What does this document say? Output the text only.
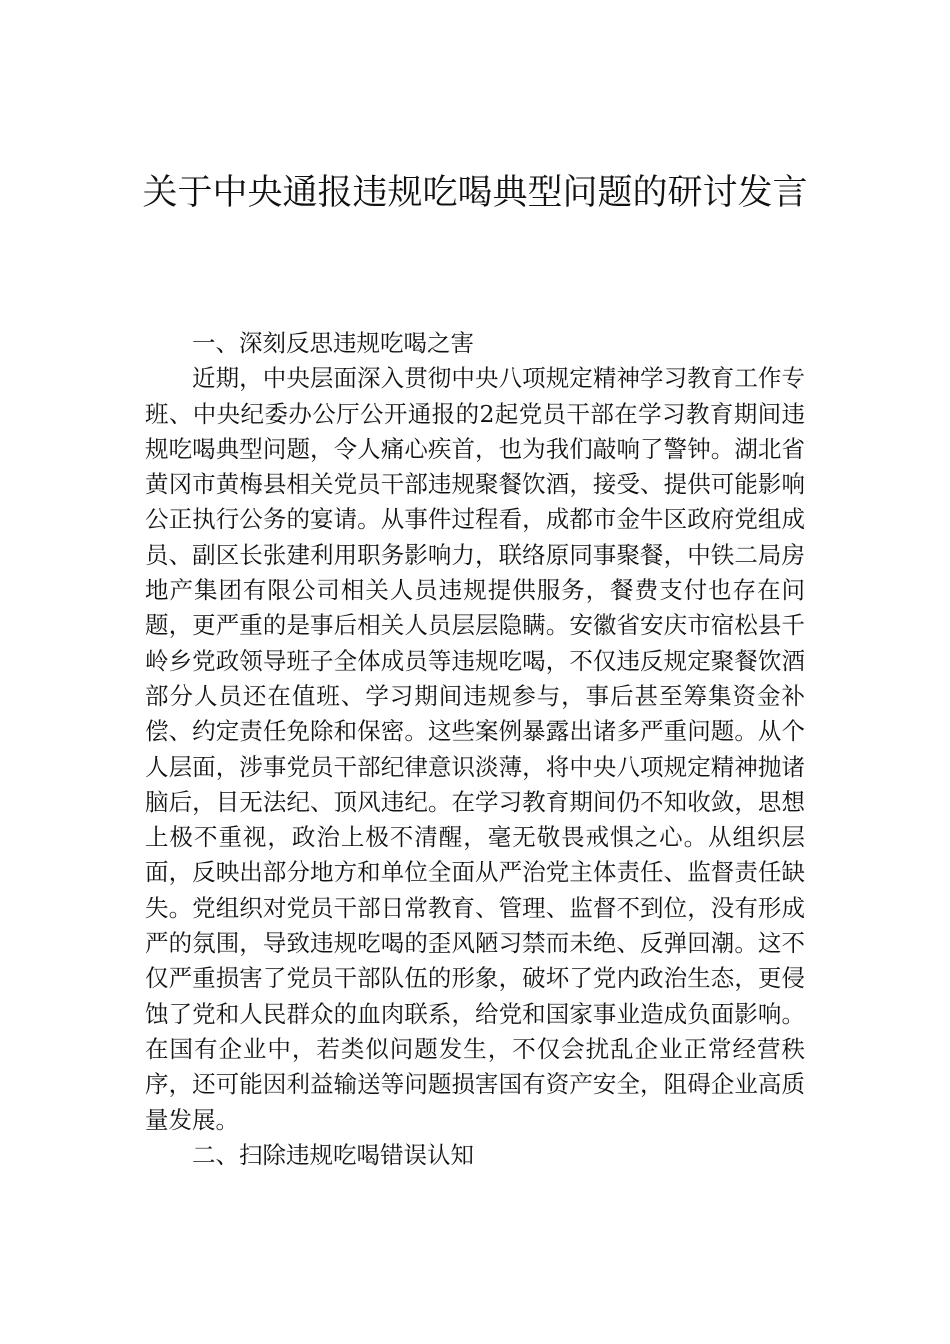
关于中央通报违规吃喝典型问题的研讨发言

一、深刻反思违规吃喝之害

近期，中央层面深入贯彻中央八项规定精神学习教育工作专班、中央纪委办公厅公开通报的2起党员干部在学习教育期间违规吃喝典型问题，令人痛心疾首，也为我们敲响了警钟。湖北省黄冈市黄梅县相关党员干部违规聚餐饮酒，接受、提供可能影响公正执行公务的宴请。从事件过程看，成都市金牛区政府党组成员、副区长张建利用职务影响力，联络原同事聚餐，中铁二局房地产集团有限公司相关人员违规提供服务，餐费支付也存在问题，更严重的是事后相关人员层层隐瞒。安徽省安庆市宿松县千岭乡党政领导班子全体成员等违规吃喝，不仅违反规定聚餐饮酒部分人员还在值班、学习期间违规参与，事后甚至筹集资金补偿、约定责任免除和保密。这些案例暴露出诸多严重问题。从个人层面，涉事党员干部纪律意识淡薄，将中央八项规定精神抛诸脑后，目无法纪、顶风违纪。在学习教育期间仍不知收敛，思想上极不重视，政治上极不清醒，毫无敬畏戒惧之心。从组织层面，反映出部分地方和单位全面从严治党主体责任、监督责任缺失。党组织对党员干部日常教育、管理、监督不到位，没有形成严的氛围，导致违规吃喝的歪风陋习禁而未绝、反弹回潮。这不仅严重损害了党员干部队伍的形象，破坏了党内政治生态，更侵蚀了党和人民群众的血肉联系，给党和国家事业造成负面影响。在国有企业中，若类似问题发生，不仅会扰乱企业正常经营秩序，还可能因利益输送等问题损害国有资产安全，阻碍企业高质量发展。

二、扫除违规吃喝错误认知
